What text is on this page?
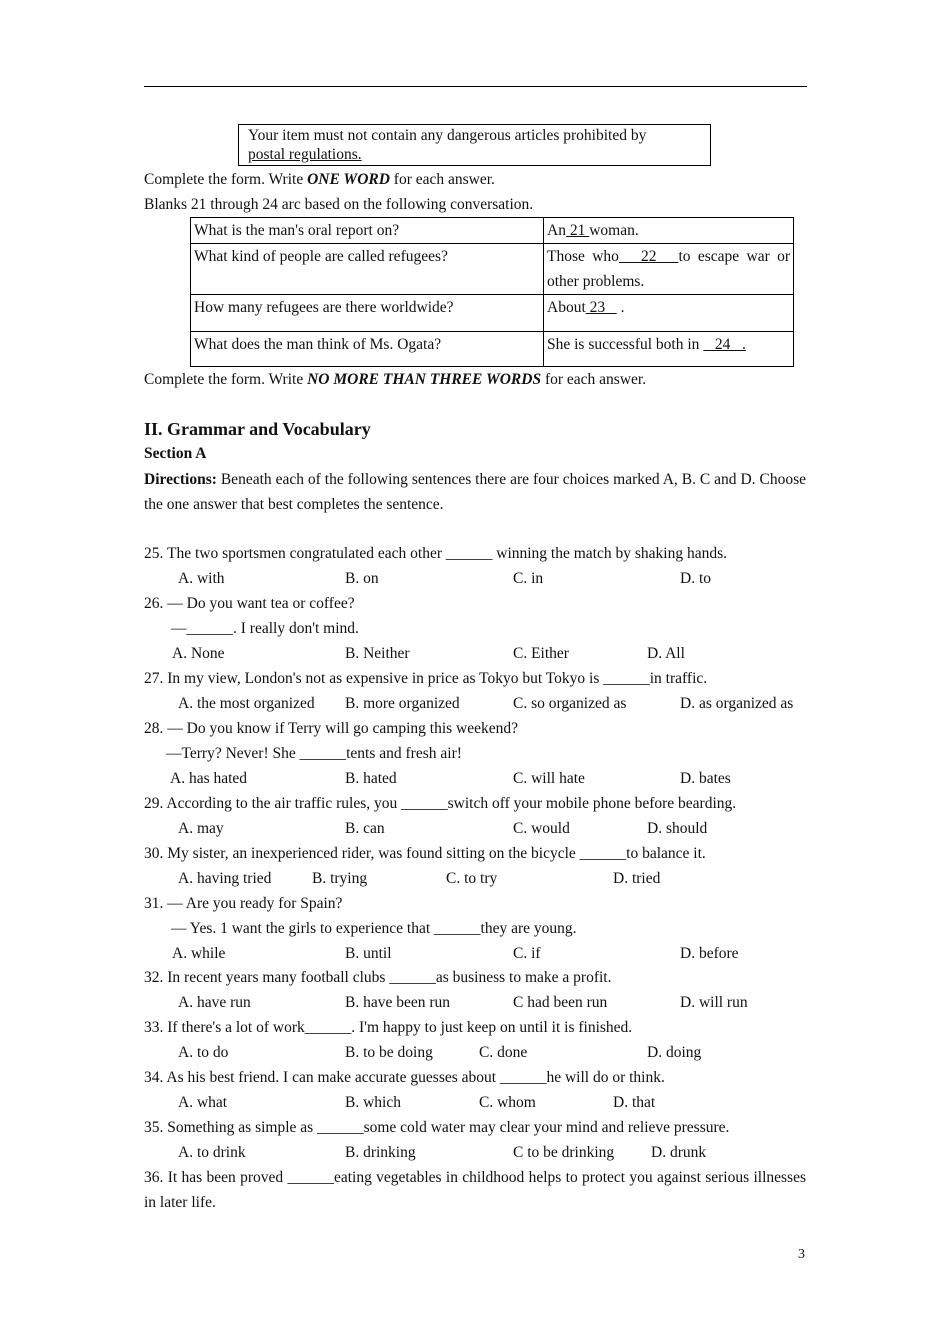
Your item must not contain any dangerous articles prohibited by
postal regulations.
Complete the form. Write ONE WORD for each answer.
Blanks 21 through 24 arc based on the following conversation.
What is the man's oral report on?	An 21 woman.
What kind of people are called refugees?	Those who   22   to escape war or other problems.
How many refugees are there worldwide?	About 23    .
What does the man think of Ms. Ogata?	She is successful both in    24   .
Complete the form. Write NO MORE THAN THREE WORDS for each answer.
II. Grammar and Vocabulary
Section A
Directions: Beneath each of the following sentences there are four choices marked A, B. C and D. Choose the one answer that best completes the sentence.
25. The two sportsmen congratulated each other ______ winning the match by shaking hands.
A. with	B. on	C. in	D. to
26. — Do you want tea or coffee?
—______. I really don't mind.
A. None	B. Neither	C. Either	D. All
27. In my view, London's not as expensive in price as Tokyo but Tokyo is ______in traffic.
A. the most organized B. more organized	C. so organized as	D. as organized as
28. — Do you know if Terry will go camping this weekend?
—Terry? Never! She ______tents and fresh air!
A. has hated	B. hated	C. will hate	D. bates
29. According to the air traffic rules, you ______switch off your mobile phone before bearding.
A. may	B. can	C. would	D. should
30. My sister, an inexperienced rider, was found sitting on the bicycle ______to balance it.
A. having tried	B. trying	C. to try	D. tried
31. — Are you ready for Spain?
— Yes. 1 want the girls to experience that ______they are young.
A. while	B. until	C. if	D. before
32. In recent years many football clubs ______as business to make a profit.
A. have run	B. have been run	C had been run	D. will run
33. If there's a lot of work______. I'm happy to just keep on until it is finished.
A. to do	B. to be doing	C. done	D. doing
34. As his best friend. I can make accurate guesses about ______he will do or think.
A. what	B. which	C. whom	D. that
35. Something as simple as ______some cold water may clear your mind and relieve pressure.
A. to drink	B. drinking	C to be drinking D. drunk
36. It has been proved ______eating vegetables in childhood helps to protect you against serious illnesses in later life.
3
